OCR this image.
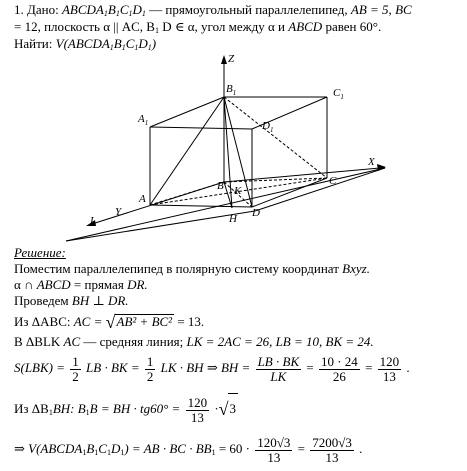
1. Дано: $ABCDA_1B_1C_1D_1$ — прямоугольный параллелепипед, AB = 5, BC
= 12, плоскость α || AC, $B_1$ D ∈ α, угол между α и ABCD равен 60°.
Найти: $V(ABCDA_1B_1C_1D_1)$
Z
$B_1$	$C_1$
$A_1$	$D_1$
X
B	C
A
D
K
Y
L	H
Решение:
Поместим параллелепипед в полярную систему координат Bxyz.
α ∩ ABCD = прямая DR.
Проведем BH ⊥ DR.
Из ΔABC: AC = √AB² + BC² = 13.
В ΔBLK AC — средняя линия; LK = 2AC = 26, LB = 10, BK = 24.
$S(LBK) = \frac{1}{2}$ LB · BK = $\frac{1}{2}$ LK · BH ⇒ BH = $\frac{LB \cdot BK}{LK} = \frac{10 \cdot 24}{26} = \frac{120}{13}$ .
Из $\Delta B_1BH$: $B_1B$ = BH · $tg60^\circ = \frac{120}{13} \cdot√3$
⇒ $V(ABCDA_1B_1C_1D_1)$ = AB · BC · $BB_1 = 60 \cdot \frac{120√3}{13} = \frac{7200√3}{13}$ .
